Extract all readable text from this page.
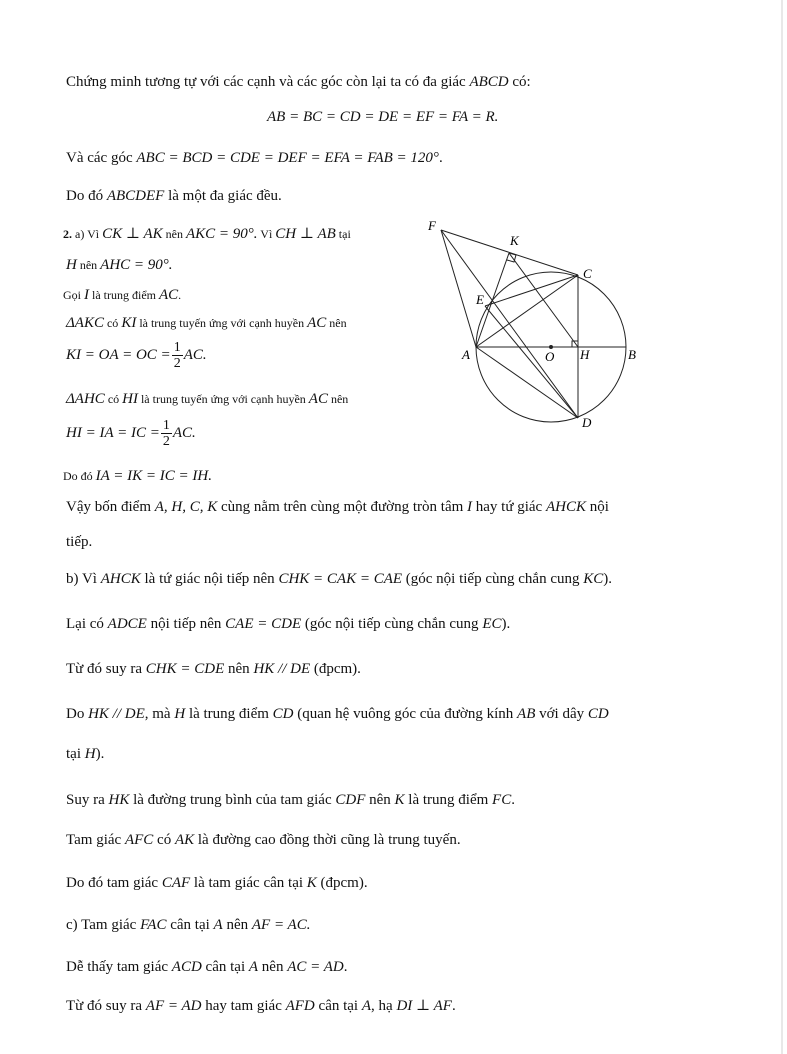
Chứng minh tương tự với các cạnh và các góc còn lại ta có đa giác ABCD có:
AB = BC = CD = DE = EF = FA = R.
Và các góc ABC = BCD = CDE = DEF = EFA = FAB = 120°.
Do đó ABCDEF là một đa giác đều.
2. a) Vì CK ⊥ AK nên AKC = 90°. Vì CH ⊥ AB tại
H nên AHC = 90°.
Gọi I là trung điểm AC.
ΔAKC có KI là trung tuyến ứng với cạnh huyền AC nên
KI = OA = OC = $\frac{1}{2}$ AC.
ΔAHC có HI là trung tuyến ứng với cạnh huyền AC nên
HI = IA = IC = $\frac{1}{2}$ AC.
Do đó IA = IK = IC = IH.
Vậy bốn điểm A, H, C, K cùng nằm trên cùng một đường tròn tâm I hay tứ giác AHCK nội
tiếp.
b) Vì AHCK là tứ giác nội tiếp nên CHK = CAK = CAE (góc nội tiếp cùng chắn cung KC).
Lại có ADCE nội tiếp nên CAE = CDE (góc nội tiếp cùng chắn cung EC).
Từ đó suy ra CHK = CDE nên HK // DE (đpcm).
Do HK // DE, mà H là trung điểm CD (quan hệ vuông góc của đường kính AB với dây CD
tại H).
Suy ra HK là đường trung bình của tam giác CDF nên K là trung điểm FC.
Tam giác AFC có AK là đường cao đồng thời cũng là trung tuyến.
Do đó tam giác CAF là tam giác cân tại K (đpcm).
c) Tam giác FAC cân tại A nên AF = AC.
Dễ thấy tam giác ACD cân tại A nên AC = AD.
Từ đó suy ra AF = AD hay tam giác AFD cân tại A, hạ DI ⊥ AF.
F
K
C
E
A	O H	B
D
